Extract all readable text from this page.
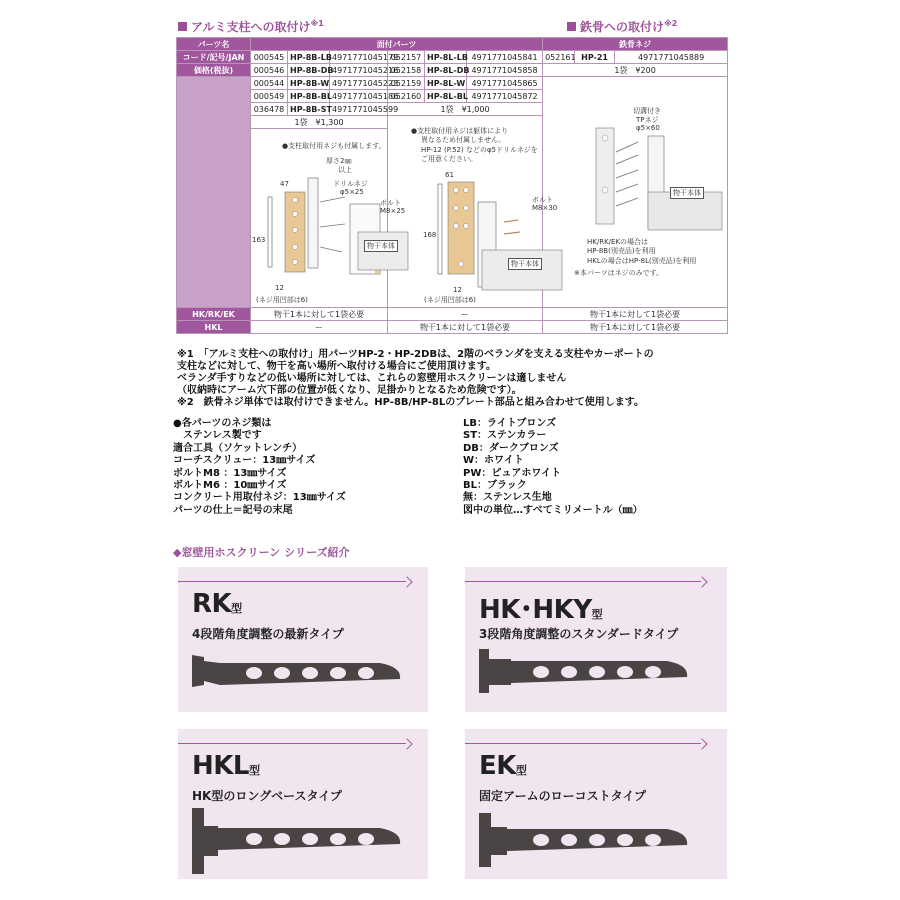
アルミ支柱への取付け$^{※1}$	鉄骨への取付け$^{※2}$
パーツ名	面付パーツ						鉄骨ネジ		
コード/記号/JAN	000545	HP-8B-LB	4971771045179	052157	HP-8L-LB	4971771045841	052161	HP-21	4971771045889
価格(税抜)	000546	HP-8B-DB	4971771045216	052158	HP-8L-DB	4971771045858	1袋　¥200		
	000544	HP-8B-W	4971771045223	052159	HP-8L-W	4971771045865			
	000549	HP-8B-BL	4971771045186	052160	HP-8L-BL	4971771045872			
	036478	HP-8B-ST	4971771045599	1袋　¥1,000					
	1袋　¥1,300								

HK/RK/EK	物干1本に対して1袋必要			ー			物干1本に対して1袋必要		
HKL	ー			物干1本に対して1袋必要			物干1本に対して1袋必要		
●支柱取付用ネジも付属します。
厚さ2㎜
以上
ドリルネジ
φ5×25
47
163
ボルト
M8×25
物干本体
12
(ネジ用凹部は6)
●支柱取付用ネジは躯体により
異なるため付属しません。
HP-12 (P.52) などのφ5ドリルネジを
ご用意ください。
61
168
ボルト
M8×30
物干本体
12
(ネジ用凹部は6)
切溝付き
TPネジ
φ5×60
物干本体
HK/RK/EKの場合は
HP-8B(別売品)を利用
HKLの場合はHP-8L(別売品)を利用
※本パーツはネジのみです。
※1　「アルミ支柱への取付け」用パーツHP-2・HP-2DBは、2階のベランダを支える支柱やカーポートの
支柱などに対して、物干を高い場所へ取付ける場合にご使用頂けます。
ベランダ手すりなどの低い場所に対しては、これらの窓壁用ホスクリーンは適しません
（収納時にアーム穴下部の位置が低くなり、足掛かりとなるため危険です）。
※2　鉄骨ネジ単体では取付けできません。HP-8B/HP-8Lのプレート部品と組み合わせて使用します。
●各パーツのネジ類は
　ステンレス製です
適合工具（ソケットレンチ）
コーチスクリュー：13㎜サイズ
ボルトM8 ：13㎜サイズ
ボルトM6 ：10㎜サイズ
コンクリート用取付ネジ：13㎜サイズ
パーツの仕上＝記号の末尾
LB：ライトブロンズ
ST：ステンカラー
DB：ダークブロンズ
W：ホワイト
PW：ピュアホワイト
BL：ブラック
無：ステンレス生地
図中の単位…すべてミリメートル（㎜）
◆窓壁用ホスクリーン シリーズ紹介
RK型
4段階角度調整の最新タイプ
HK･HKY型
3段階角度調整のスタンダードタイプ
HKL型
HK型のロングベースタイプ
EK型
固定アームのローコストタイプ
